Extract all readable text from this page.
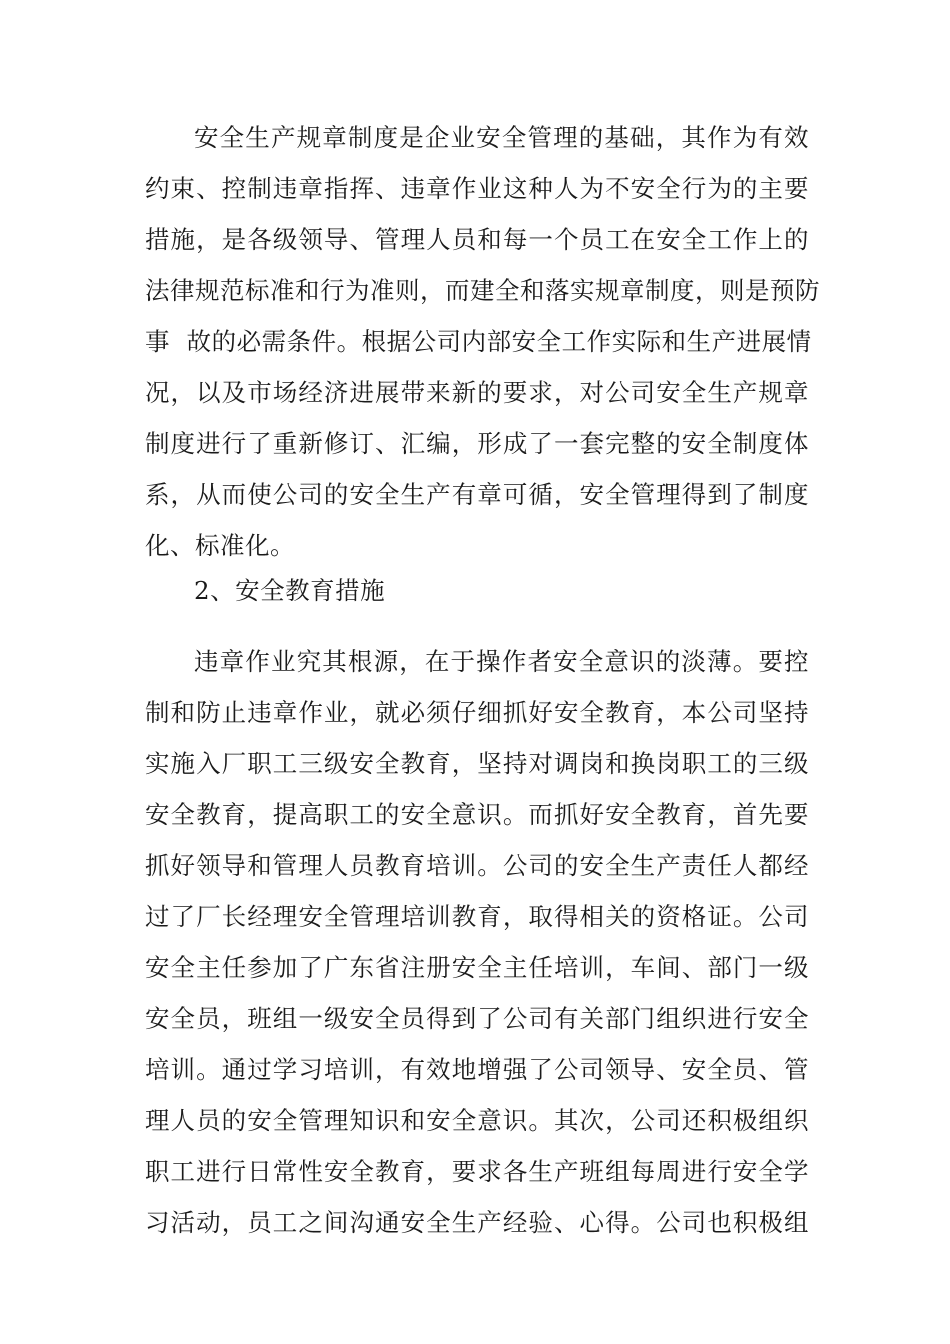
安全生产规章制度是企业安全管理的基础，其作为有效
约束、控制违章指挥、违章作业这种人为不安全行为的主要
措施，是各级领导、管理人员和每一个员工在安全工作上的
法律规范标准和行为准则，而建全和落实规章制度，则是预防
事  故的必需条件。根据公司内部安全工作实际和生产进展情
况，以及市场经济进展带来新的要求，对公司安全生产规章
制度进行了重新修订、汇编，形成了一套完整的安全制度体
系，从而使公司的安全生产有章可循，安全管理得到了制度
化、标准化。
2、安全教育措施
违章作业究其根源，在于操作者安全意识的淡薄。要控
制和防止违章作业，就必须仔细抓好安全教育，本公司坚持
实施入厂职工三级安全教育，坚持对调岗和换岗职工的三级
安全教育，提高职工的安全意识。而抓好安全教育，首先要
抓好领导和管理人员教育培训。公司的安全生产责任人都经
过了厂长经理安全管理培训教育，取得相关的资格证。公司
安全主任参加了广东省注册安全主任培训，车间、部门一级
安全员，班组一级安全员得到了公司有关部门组织进行安全
培训。通过学习培训，有效地增强了公司领导、安全员、管
理人员的安全管理知识和安全意识。其次，公司还积极组织
职工进行日常性安全教育，要求各生产班组每周进行安全学
习活动，员工之间沟通安全生产经验、心得。公司也积极组
